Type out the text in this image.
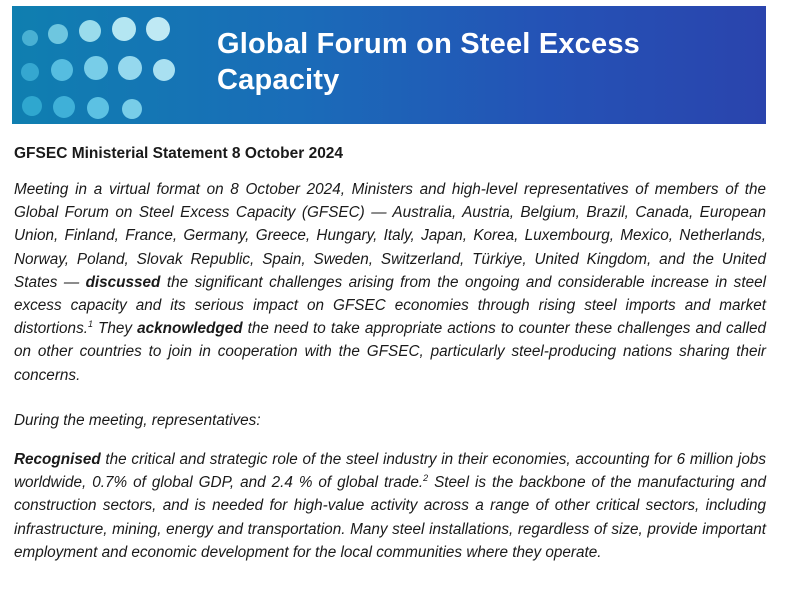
Global Forum on Steel Excess Capacity
GFSEC Ministerial Statement 8 October 2024
Meeting in a virtual format on 8 October 2024, Ministers and high-level representatives of members of the Global Forum on Steel Excess Capacity (GFSEC) — Australia, Austria, Belgium, Brazil, Canada, European Union, Finland, France, Germany, Greece, Hungary, Italy, Japan, Korea, Luxembourg, Mexico, Netherlands, Norway, Poland, Slovak Republic, Spain, Sweden, Switzerland, Türkiye, United Kingdom, and the United States — discussed the significant challenges arising from the ongoing and considerable increase in steel excess capacity and its serious impact on GFSEC economies through rising steel imports and market distortions.$^1$ They acknowledged the need to take appropriate actions to counter these challenges and called on other countries to join in cooperation with the GFSEC, particularly steel-producing nations sharing their concerns.
During the meeting, representatives:
Recognised the critical and strategic role of the steel industry in their economies, accounting for 6 million jobs worldwide, 0.7% of global GDP, and 2.4 % of global trade.$^2$ Steel is the backbone of the manufacturing and construction sectors, and is needed for high-value activity across a range of other critical sectors, including infrastructure, mining, energy and transportation. Many steel installations, regardless of size, provide important employment and economic development for the local communities where they operate.
